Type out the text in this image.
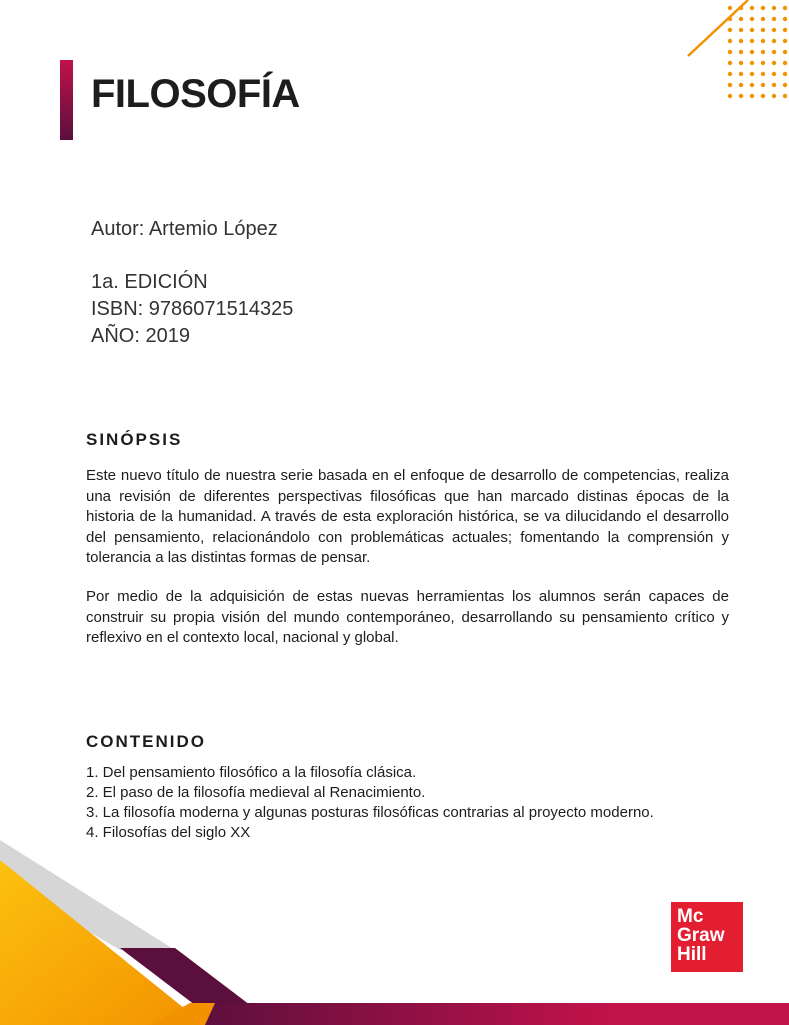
FILOSOFÍA
Autor: Artemio López
1a. EDICIÓN
ISBN: 9786071514325
AÑO: 2019
SINÓPSIS

Este nuevo título de nuestra serie basada en el enfoque de desarrollo de competencias, realiza una revisión de diferentes perspectivas filosóficas que han marcado distinas épocas de la historia de la humanidad. A través de esta exploración histórica, se va dilucidando el desarrollo del pensamiento, relacionándolo con problemáticas actuales; fomentando la comprensión y tolerancia a las distintas formas de pensar.

Por medio de la adquisición de estas nuevas herramientas los alumnos serán capaces de construir su propia visión del mundo contemporáneo, desarrollando su pensamiento crítico y reflexivo en el contexto local, nacional y global.

CONTENIDO
1. Del pensamiento filosófico a la filosofía clásica.
2. El paso de la filosofía medieval al Renacimiento.
3. La filosofía moderna y algunas posturas filosóficas contrarias al proyecto moderno.
4. Filosofías del siglo XX
Mc
Graw
Hill
